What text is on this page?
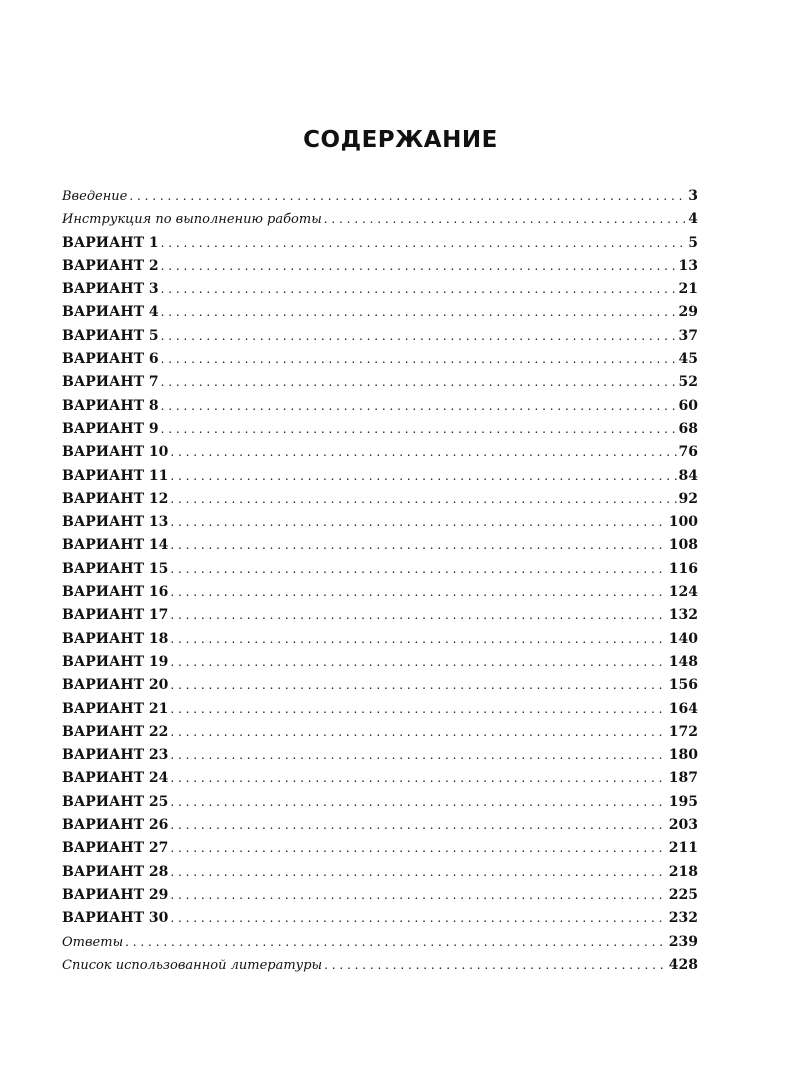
СОДЕРЖАНИЕ
Введение . . .	3
Инструкция по выполнению работы . . .	4
ВАРИАНТ 1 . . .	5
ВАРИАНТ 2 . . .	13
ВАРИАНТ 3 . . .	21
ВАРИАНТ 4 . . .	29
ВАРИАНТ 5 . . .	37
ВАРИАНТ 6 . . .	45
ВАРИАНТ 7 . . .	52
ВАРИАНТ 8 . . .	60
ВАРИАНТ 9 . . .	68
ВАРИАНТ 10 . . .	76
ВАРИАНТ 11 . . .	84
ВАРИАНТ 12 . . .	92
ВАРИАНТ 13 . . .	100
ВАРИАНТ 14 . . .	108
ВАРИАНТ 15 . . .	116
ВАРИАНТ 16 . . .	124
ВАРИАНТ 17 . . .	132
ВАРИАНТ 18 . . .	140
ВАРИАНТ 19 . . .	148
ВАРИАНТ 20 . . .	156
ВАРИАНТ 21 . . .	164
ВАРИАНТ 22 . . .	172
ВАРИАНТ 23 . . .	180
ВАРИАНТ 24 . . .	187
ВАРИАНТ 25 . . .	195
ВАРИАНТ 26 . . .	203
ВАРИАНТ 27 . . .	211
ВАРИАНТ 28 . . .	218
ВАРИАНТ 29 . . .	225
ВАРИАНТ 30 . . .	232
Ответы . . .	239
Список использованной литературы . . .	428
